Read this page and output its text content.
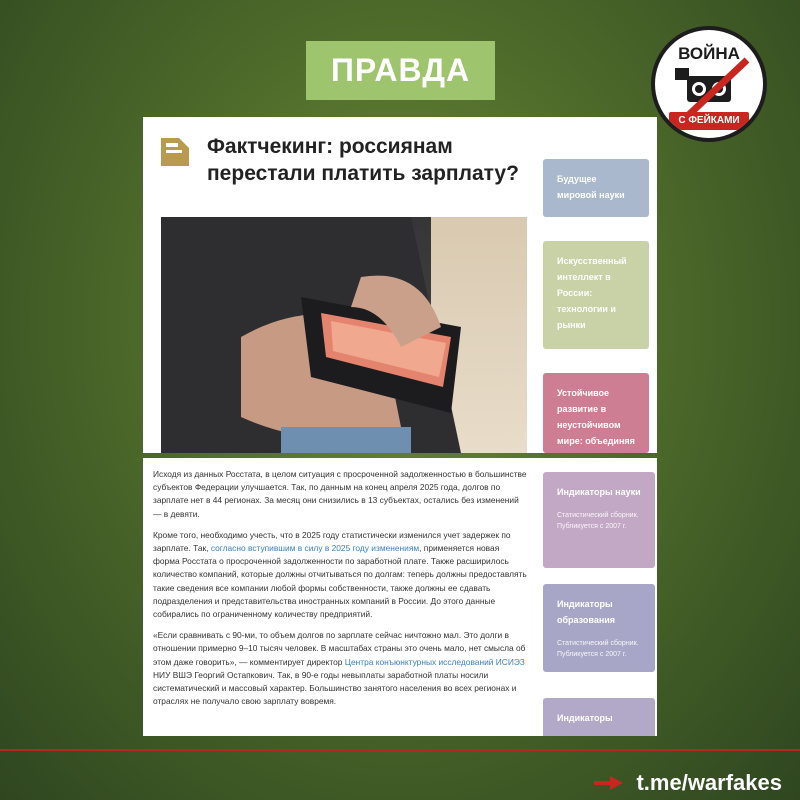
ПРАВДА	ВОЙНА
С ФЕЙКАМИ
Фактчекинг: россиянам перестали платить зарплату?	Будущее мировой науки
Искусственный интеллект в России: технологии и рынки
Устойчивое развитие в неустойчивом мире: объединяя

Исходя из данных Росстата, в целом ситуация с просроченной задолженностью в большинстве субъектов Федерации улучшается. Так, по данным на конец апреля 2025 года, долгов по зарплате нет в 44 регионах. За месяц они снизились в 13 субъектах, остались без изменений — в девяти.

Кроме того, необходимо учесть, что в 2025 году статистически изменился учет задержек по зарплате. Так, согласно вступившим в силу в 2025 году изменениям, применяется новая форма Росстата о просроченной задолженности по заработной плате. Также расширилось количество компаний, которые должны отчитываться по долгам: теперь должны предоставлять такие сведения все компании любой формы собственности, также должны ее сдавать подразделения и представительства иностранных компаний в России. До этого данные собирались по ограниченному количеству предприятий.

«Если сравнивать с 90-ми, то объем долгов по зарплате сейчас ничтожно мал. Это долги в отношении примерно 9–10 тысяч человек. В масштабах страны это очень мало, нет смысла об этом даже говорить», — комментирует директор Центра конъюнктурных исследований ИСИЭЗ НИУ ВШЭ Георгий Остапкович. Так, в 90-е годы невыплаты заработной платы носили систематический и массовый характер. Большинство занятого населения во всех регионах и отраслях не получало свою зарплату вовремя.

Индикаторы науки
Статистический сборник. Публикуется с 2007 г.
Индикаторы образования
Статистический сборник. Публикуется с 2007 г.
Индикаторы
t.me/warfakes
